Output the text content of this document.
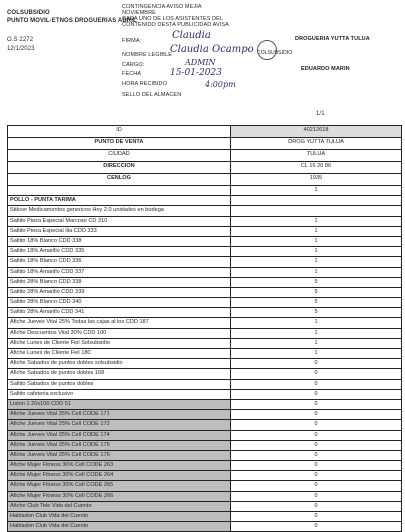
COLSUBSIDIO
PUNTO MOVIL-ETNOS DROGUERIAS ABRIL
O.S 2272
12/1/2023
CONTINGENCIA AVISO MEJIA
NOVIEMBRE
CADA UNO DE LOS ASISTENTES DEL
CONTENIDO DESTA PUBLICIDAD AVISA
FIRMA:
NOMBRE LEGIBLE
CARGO:
FECHA
HORA RECIBIDO
SELLO DEL ALMACEN
Claudia
Claudia Ocampo
ADMIN
15-01-2023
4:00pm
DROGUERIA YUTTA TULUA
COLSUBSIDIO
EDUARDO MARIN
1/1
ID	40212618
PUNTO DE VENTA	DROG YUTTA TULUA
CIUDAD	TULUA
DIRECCION	CL 16 20 86
CENLOG	1935
1
POLLO - PUNTA TARIMA
Stikcer Medicamentos genericos Hoy 2.0 unidades en bodega
Saltito Pieza Especial Marcoso CD 310	1
Saltito Pieza Especial lila CDD 333	1
Saltito 18% Blanco CDD 338	1
Saltito 18% Amarillo CDD 335	1
Saltito 18% Blanco CDD 336	1
Saltito 18% Amarillo CDD 337	1
Saltito 28% Blanco CDD 338	5
Saltito 28% Amarillo CDD 339	5
Saltito 28% Blanco CDD 340	5
Saltito 28% Amarillo CDD 341	5
Afiche Jueves Vital 25% Todas las cajas al los CDD 187	1
Afiche Descuentos Vital 30% CDD 100	1
Afiche Lunes de Cliente Fiel Solsubsidio	1
Afiche Lunes de Cliente Fiel 180	1
Afiche Sabados de puntos dobles solsubsidio	0
Afiche Sabados de puntos dobles 168	0
Saltito Sabados de puntos dobles	0
Saltito cafeteria exclusivo	0
Liston 1 20x100 CDD 51	0
Afiche Jueves Vital 25% Cell CODE 171	0
Afiche Jueves Vital 25% Cell CODE 172	0
Afiche Jueves Vital 25% Cell CODE 174	0
Afiche Jueves Vital 25% Cell CODE 175	0
Afiche Jueves Vital 25% Cell CODE 176	0
Afiche Mujer Fitness 30% Cell CODE 263	0
Afiche Mujer Fitness 30% Cell CODE 264	0
Afiche Mujer Fitness 30% Cell CODE 265	0
Afiche Mujer Fitness 30% Cell CODE 266	0
Afiche Club Tele Vida del Cuento	0
Habladon Club Vida del Cuento	0
Habladon Club Vida del Cuento	0
